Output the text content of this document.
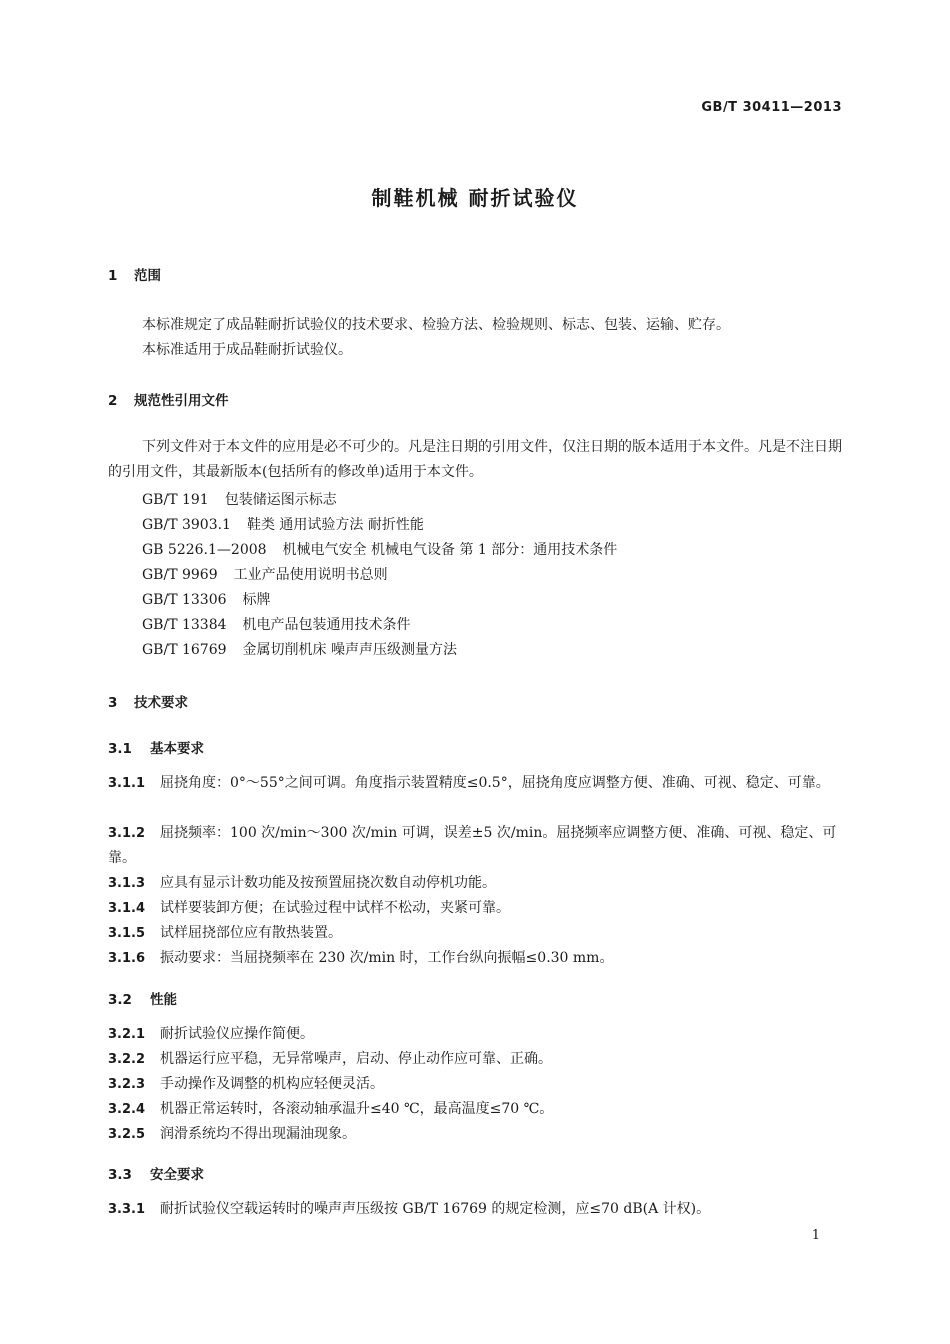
GB/T 30411—2013
制鞋机械 耐折试验仪
1 范围
本标准规定了成品鞋耐折试验仪的技术要求、检验方法、检验规则、标志、包装、运输、贮存。
本标准适用于成品鞋耐折试验仪。
2 规范性引用文件
下列文件对于本文件的应用是必不可少的。凡是注日期的引用文件，仅注日期的版本适用于本文件。凡是不注日期的引用文件，其最新版本(包括所有的修改单)适用于本文件。
GB/T 191 包装储运图示标志
GB/T 3903.1 鞋类 通用试验方法 耐折性能
GB 5226.1—2008 机械电气安全 机械电气设备 第 1 部分：通用技术条件
GB/T 9969 工业产品使用说明书总则
GB/T 13306 标牌
GB/T 13384 机电产品包装通用技术条件
GB/T 16769 金属切削机床 噪声声压级测量方法
3 技术要求
3.1 基本要求
3.1.1 屈挠角度：0°～55°之间可调。角度指示装置精度≤0.5°，屈挠角度应调整方便、准确、可视、稳定、可靠。
3.1.2 屈挠频率：100 次/min～300 次/min 可调，误差±5 次/min。屈挠频率应调整方便、准确、可视、稳定、可靠。
3.1.3 应具有显示计数功能及按预置屈挠次数自动停机功能。
3.1.4 试样要装卸方便；在试验过程中试样不松动，夹紧可靠。
3.1.5 试样屈挠部位应有散热装置。
3.1.6 振动要求：当屈挠频率在 230 次/min 时，工作台纵向振幅≤0.30 mm。
3.2 性能
3.2.1 耐折试验仪应操作简便。
3.2.2 机器运行应平稳，无异常噪声，启动、停止动作应可靠、正确。
3.2.3 手动操作及调整的机构应轻便灵活。
3.2.4 机器正常运转时，各滚动轴承温升≤40 ℃，最高温度≤70 ℃。
3.2.5 润滑系统均不得出现漏油现象。
3.3 安全要求
3.3.1 耐折试验仪空载运转时的噪声声压级按 GB/T 16769 的规定检测，应≤70 dB(A 计权)。
1
